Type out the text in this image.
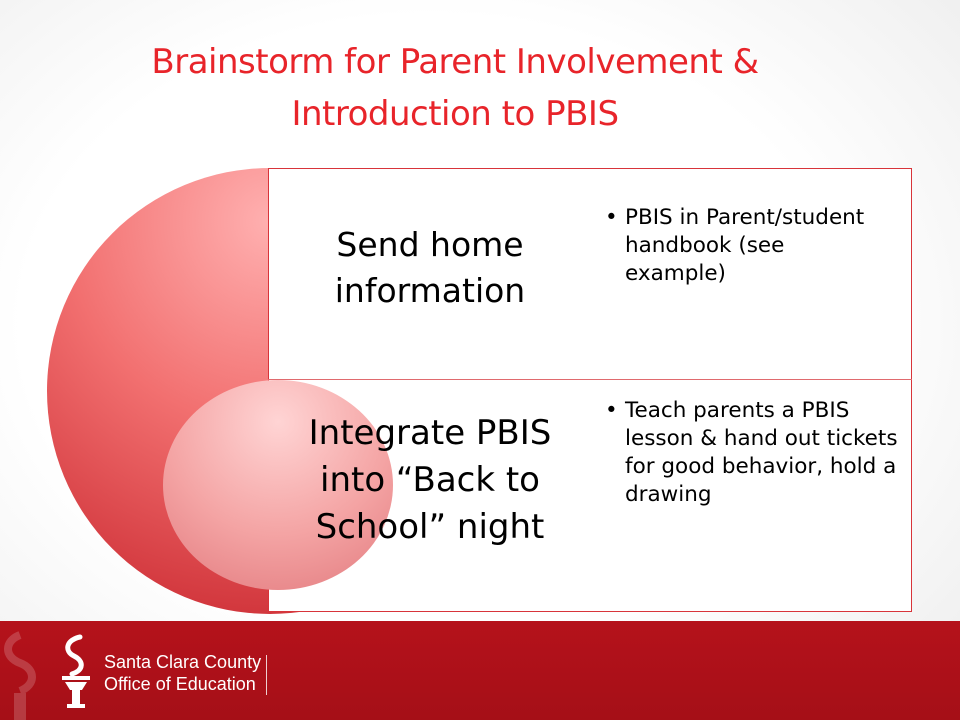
Brainstorm for Parent Involvement &
Introduction to PBIS
Send home
information
• PBIS in Parent/student handbook (see example)
Integrate PBIS
into “Back to
School” night
• Teach parents a PBIS lesson & hand out tickets for good behavior, hold a drawing
Santa Clara County
Office of Education
